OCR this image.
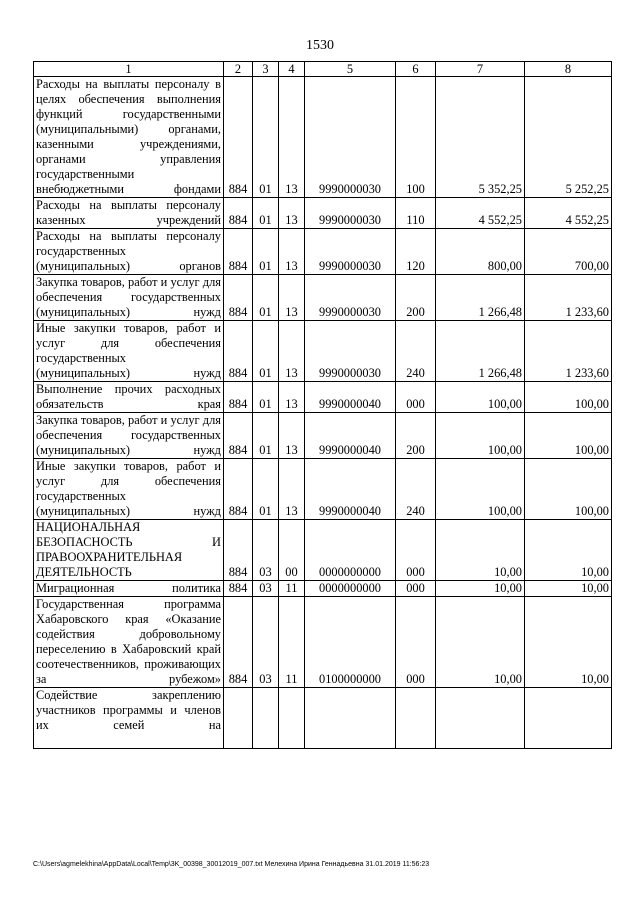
1530
1	2	3	4	5	6	7	8

Расходы на выплаты персоналу в целях обеспечения выполнения функций государственными (муниципальными) органами, казенными учреждениями, органами управления государственными внебюджетными фондами	884	01	13	9990000030	100	5 352,25	5 252,25

Расходы на выплаты персоналу казенных учреждений	884	01	13	9990000030	110	4 552,25	4 552,25

Расходы на выплаты персоналу государственных (муниципальных) органов	884	01	13	9990000030	120	800,00	700,00

Закупка товаров, работ и услуг для обеспечения государственных (муниципальных) нужд	884	01	13	9990000030	200	1 266,48	1 233,60

Иные закупки товаров, работ и услуг для обеспечения государственных (муниципальных) нужд	884	01	13	9990000030	240	1 266,48	1 233,60

Выполнение прочих расходных обязательств края	884	01	13	9990000040	000	100,00	100,00

Закупка товаров, работ и услуг для обеспечения государственных (муниципальных) нужд	884	01	13	9990000040	200	100,00	100,00

Иные закупки товаров, работ и услуг для обеспечения государственных (муниципальных) нужд	884	01	13	9990000040	240	100,00	100,00

НАЦИОНАЛЬНАЯ БЕЗОПАСНОСТЬ И ПРАВООХРАНИТЕЛЬНАЯ ДЕЯТЕЛЬНОСТЬ	884	03	00	0000000000	000	10,00	10,00

Миграционная политика	884	03	11	0000000000	000	10,00	10,00

Государственная программа Хабаровского края «Оказание содействия добровольному переселению в Хабаровский край соотечественников, проживающих за рубежом»	884	03	11	0100000000	000	10,00	10,00
Содействие закреплению участников программы и членов их семей на							
C:\Users\agmelekhina\AppData\Local\Temp\3K_00398_30012019_007.txt Мелехина Ирина Геннадьевна 31.01.2019 11:56:23
